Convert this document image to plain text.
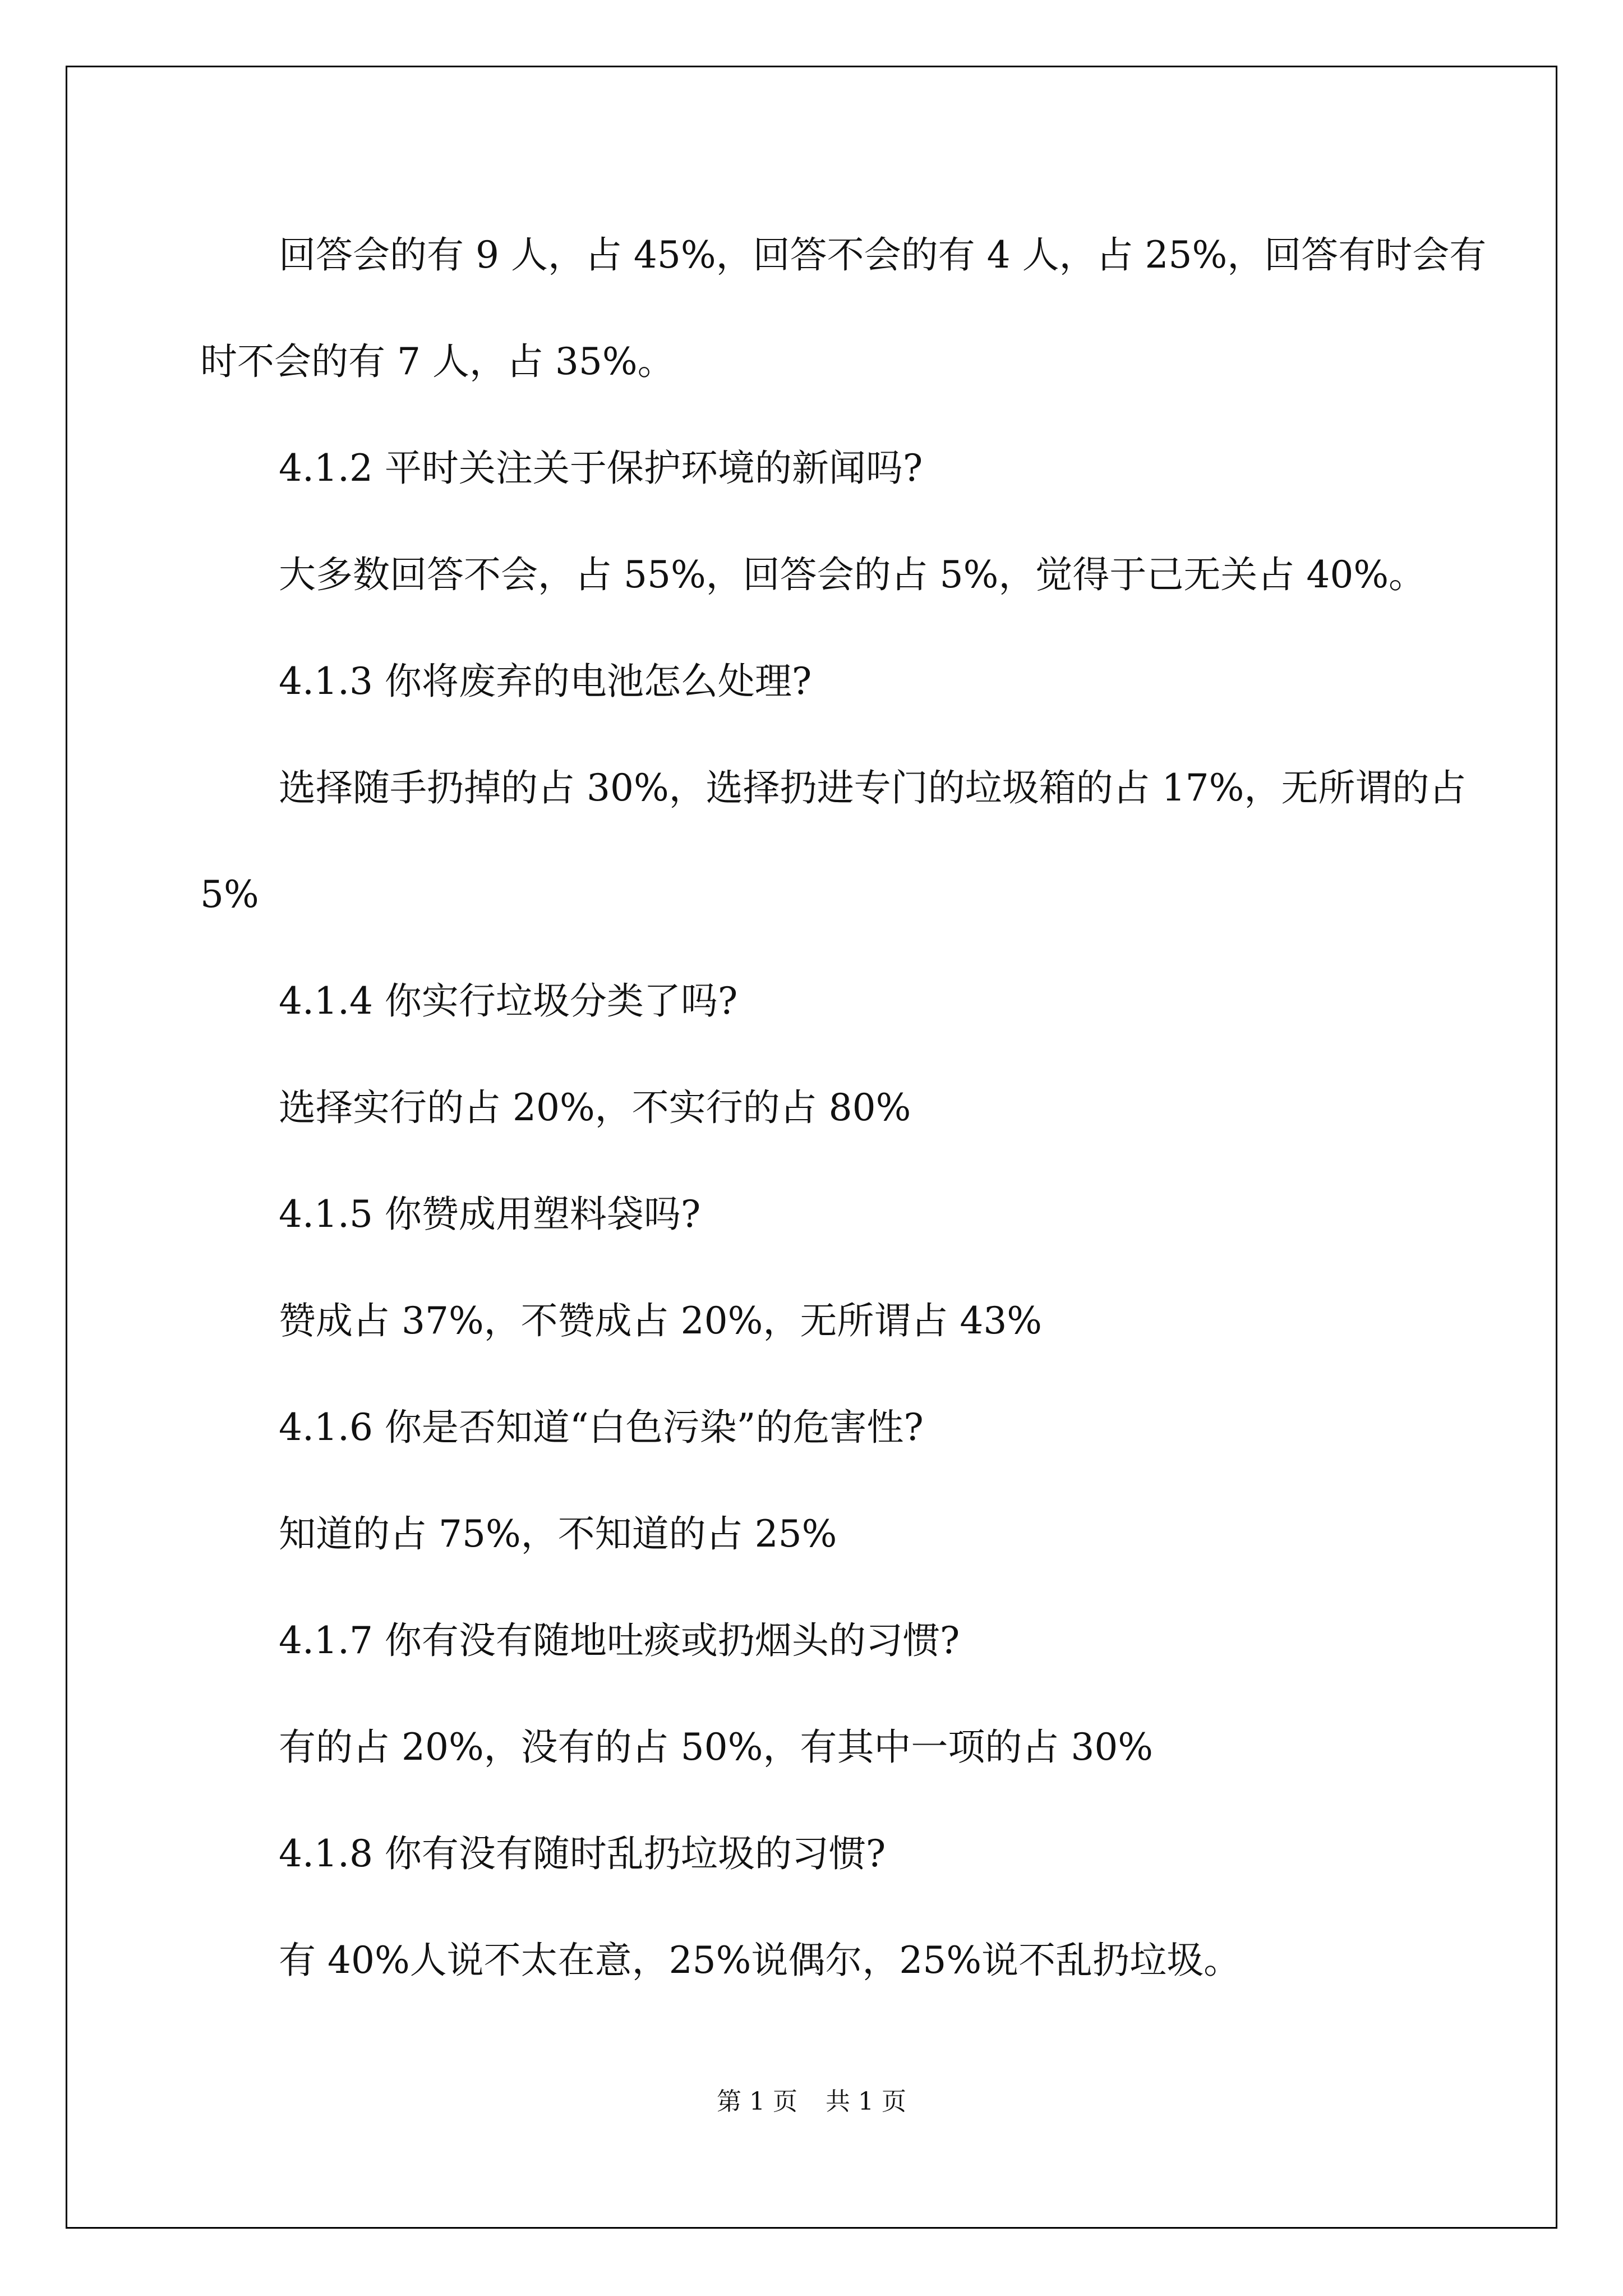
回答会的有 9 人，占 45%，回答不会的有 4 人，占 25%，回答有时会有时不会的有 7 人，占 35%。

4.1.2 平时关注关于保护环境的新闻吗?

大多数回答不会，占 55%，回答会的占 5%，觉得于己无关占 40%。

4.1.3 你将废弃的电池怎么处理?

选择随手扔掉的占 30%，选择扔进专门的垃圾箱的占 17%，无所谓的占 5%

4.1.4 你实行垃圾分类了吗?

选择实行的占 20%，不实行的占 80%

4.1.5 你赞成用塑料袋吗?

赞成占 37%，不赞成占 20%，无所谓占 43%

4.1.6 你是否知道“白色污染”的危害性?

知道的占 75%，不知道的占 25%

4.1.7 你有没有随地吐痰或扔烟头的习惯?

有的占 20%，没有的占 50%，有其中一项的占 30%

4.1.8 你有没有随时乱扔垃圾的习惯?

有 40%人说不太在意，25%说偶尔，25%说不乱扔垃圾。

第 1 页 共 1 页
